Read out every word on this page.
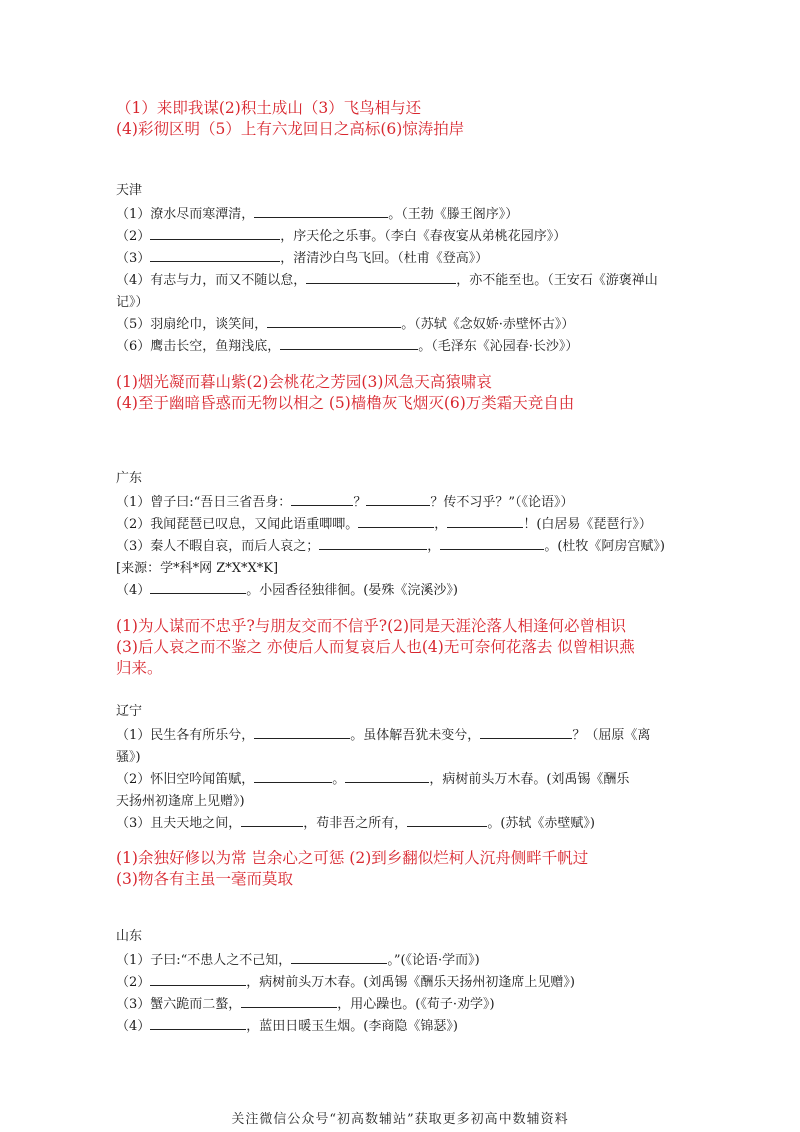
（1）来即我谋(2)积土成山（3）飞鸟相与还
(4)彩彻区明（5）上有六龙回日之高标(6)惊涛拍岸
天津
（1）潦水尽而寒潭清，	。（王勃《滕王阁序》）
（2）	，序天伦之乐事。（李白《春夜宴从弟桃花园序》）
（3）	，渚清沙白鸟飞回。（杜甫《登高》）
（4）有志与力，而又不随以怠，	，亦不能至也。（王安石《游褒禅山
记》）
（5）羽扇纶巾，谈笑间，	。（苏轼《念奴娇·赤壁怀古》）
（6）鹰击长空，鱼翔浅底，	。（毛泽东《沁园春·长沙》）
(1)烟光凝而暮山紫(2)会桃花之芳园(3)风急天高猿啸哀
(4)至于幽暗昏惑而无物以相之 (5)樯橹灰飞烟灭(6)万类霜天竞自由
广东
（1）曾子曰:“吾日三省吾身：	？	？传不习乎？”（《论语》）
（2）我闻琵琶已叹息，又闻此语重唧唧。	，	！(白居易《琵琶行》）
（3）秦人不暇自哀，而后人哀之；	，	。(杜牧《阿房宫赋》)
[来源：学*科*网 Z*X*X*K]
（4）	。小园香径独徘徊。(晏殊《浣溪沙》)
(1)为人谋而不忠乎?与朋友交而不信乎?(2)同是天涯沦落人相逢何必曾相识
(3)后人哀之而不鉴之 亦使后人而复哀后人也(4)无可奈何花落去 似曾相识燕
归来。
辽宁
（1）民生各有所乐兮，	。虽体解吾犹未变兮，	？（屈原《离
骚》)
（2）怀旧空吟闻笛赋，	。	，病树前头万木春。(刘禹锡《酬乐
天扬州初逢席上见赠》)
（3）且夫天地之间，	，苟非吾之所有，	。(苏轼《赤壁赋》)
(1)余独好修以为常 岂余心之可惩 (2)到乡翻似烂柯人沉舟侧畔千帆过
(3)物各有主虽一毫而莫取
山东
（1）子曰:“不患人之不己知，	。”(《论语·学而》)
（2）	，病树前头万木春。(刘禹锡《酬乐天扬州初逢席上见赠》)
（3）蟹六跪而二螯，	，用心躁也。(《荀子·劝学》)
（4）	，蓝田日暖玉生烟。(李商隐《锦瑟》)
关注微信公众号“初高数辅站”获取更多初高中数辅资料
